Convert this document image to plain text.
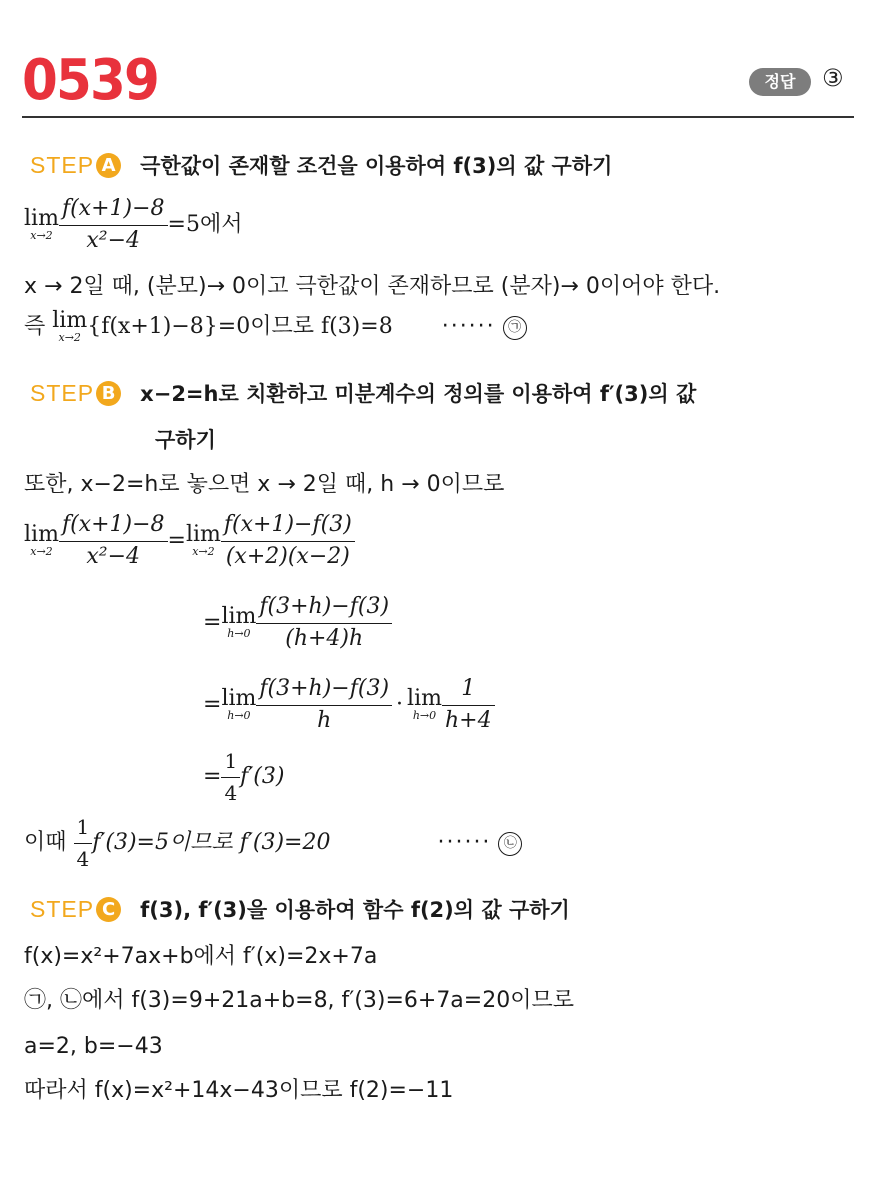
0539	정답	③
STEP A 극한값이 존재할 조건을 이용하여 f(3)의 값 구하기
lim
$x\to 2 \frac{f(x+1)-8}{\text{x²−4}} =5$에서
x → 2일 때, (분모)→ 0이고 극한값이 존재하므로 (분자)→ 0이어야 한다.
즉 lim
x→2 {f(x+1)−8}=0이므로 f(3)=8 ······ ㉠
STEP B x−2=h로 치환하고 미분계수의 정의를 이용하여 f′(3)의 값
구하기
또한, x−2=h로 놓으면 x → 2일 때, h → 0이므로
lim
$x\to 2 \frac{f(x+1)-8}{\text{x²−4}} = \lim$
$x\to 2 \frac{f(x+1)-f(3)}{(x+2)(x-2)}$
= lim
$h\to 0 \frac{f(3+h)-f(3)}{(h+4)h}$
= lim
$h\to 0 \frac{f(3+h)-f(3)}{h} \cdot \lim$
$h\to 0 \frac{1}{h+4}$
= $\frac{1}{4} f'(3)$
이때 $\frac{1}{4} f'(3)=5$이므로 f′(3)=20	······ ㉡
STEP C f(3), f′(3)을 이용하여 함수 f(2)의 값 구하기
f(x)=x²+7ax+b에서 f′(x)=2x+7a
㉠, ㉡에서 f(3)=9+21a+b=8, f′(3)=6+7a=20이므로
a=2, b=−43
따라서 f(x)=x²+14x−43이므로 f(2)=−11
